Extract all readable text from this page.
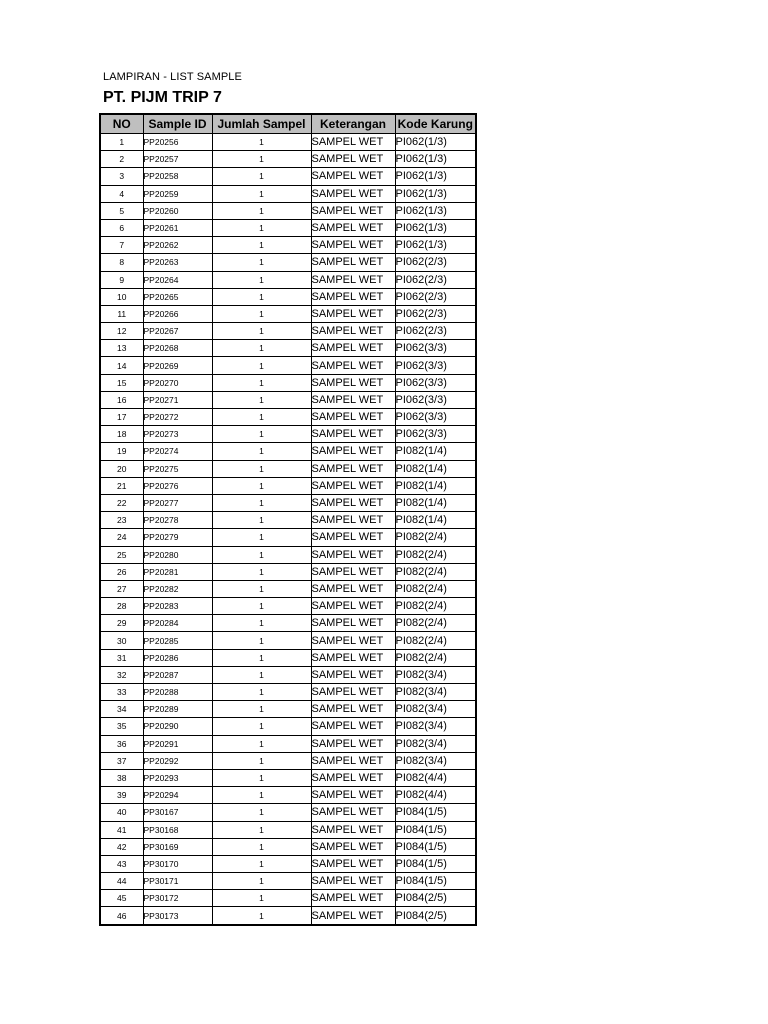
LAMPIRAN - LIST SAMPLE
PT. PIJM TRIP 7
NO	Sample ID	Jumlah Sampel	Keterangan	Kode Karung
1	PP20256	1	SAMPEL WET	PI062(1/3)
2	PP20257	1	SAMPEL WET	PI062(1/3)
3	PP20258	1	SAMPEL WET	PI062(1/3)
4	PP20259	1	SAMPEL WET	PI062(1/3)
5	PP20260	1	SAMPEL WET	PI062(1/3)
6	PP20261	1	SAMPEL WET	PI062(1/3)
7	PP20262	1	SAMPEL WET	PI062(1/3)
8	PP20263	1	SAMPEL WET	PI062(2/3)
9	PP20264	1	SAMPEL WET	PI062(2/3)
10	PP20265	1	SAMPEL WET	PI062(2/3)
11	PP20266	1	SAMPEL WET	PI062(2/3)
12	PP20267	1	SAMPEL WET	PI062(2/3)
13	PP20268	1	SAMPEL WET	PI062(3/3)
14	PP20269	1	SAMPEL WET	PI062(3/3)
15	PP20270	1	SAMPEL WET	PI062(3/3)
16	PP20271	1	SAMPEL WET	PI062(3/3)
17	PP20272	1	SAMPEL WET	PI062(3/3)
18	PP20273	1	SAMPEL WET	PI062(3/3)
19	PP20274	1	SAMPEL WET	PI082(1/4)
20	PP20275	1	SAMPEL WET	PI082(1/4)
21	PP20276	1	SAMPEL WET	PI082(1/4)
22	PP20277	1	SAMPEL WET	PI082(1/4)
23	PP20278	1	SAMPEL WET	PI082(1/4)
24	PP20279	1	SAMPEL WET	PI082(2/4)
25	PP20280	1	SAMPEL WET	PI082(2/4)
26	PP20281	1	SAMPEL WET	PI082(2/4)
27	PP20282	1	SAMPEL WET	PI082(2/4)
28	PP20283	1	SAMPEL WET	PI082(2/4)
29	PP20284	1	SAMPEL WET	PI082(2/4)
30	PP20285	1	SAMPEL WET	PI082(2/4)
31	PP20286	1	SAMPEL WET	PI082(2/4)
32	PP20287	1	SAMPEL WET	PI082(3/4)
33	PP20288	1	SAMPEL WET	PI082(3/4)
34	PP20289	1	SAMPEL WET	PI082(3/4)
35	PP20290	1	SAMPEL WET	PI082(3/4)
36	PP20291	1	SAMPEL WET	PI082(3/4)
37	PP20292	1	SAMPEL WET	PI082(3/4)
38	PP20293	1	SAMPEL WET	PI082(4/4)
39	PP20294	1	SAMPEL WET	PI082(4/4)
40	PP30167	1	SAMPEL WET	PI084(1/5)
41	PP30168	1	SAMPEL WET	PI084(1/5)
42	PP30169	1	SAMPEL WET	PI084(1/5)
43	PP30170	1	SAMPEL WET	PI084(1/5)
44	PP30171	1	SAMPEL WET	PI084(1/5)
45	PP30172	1	SAMPEL WET	PI084(2/5)
46	PP30173	1	SAMPEL WET	PI084(2/5)
